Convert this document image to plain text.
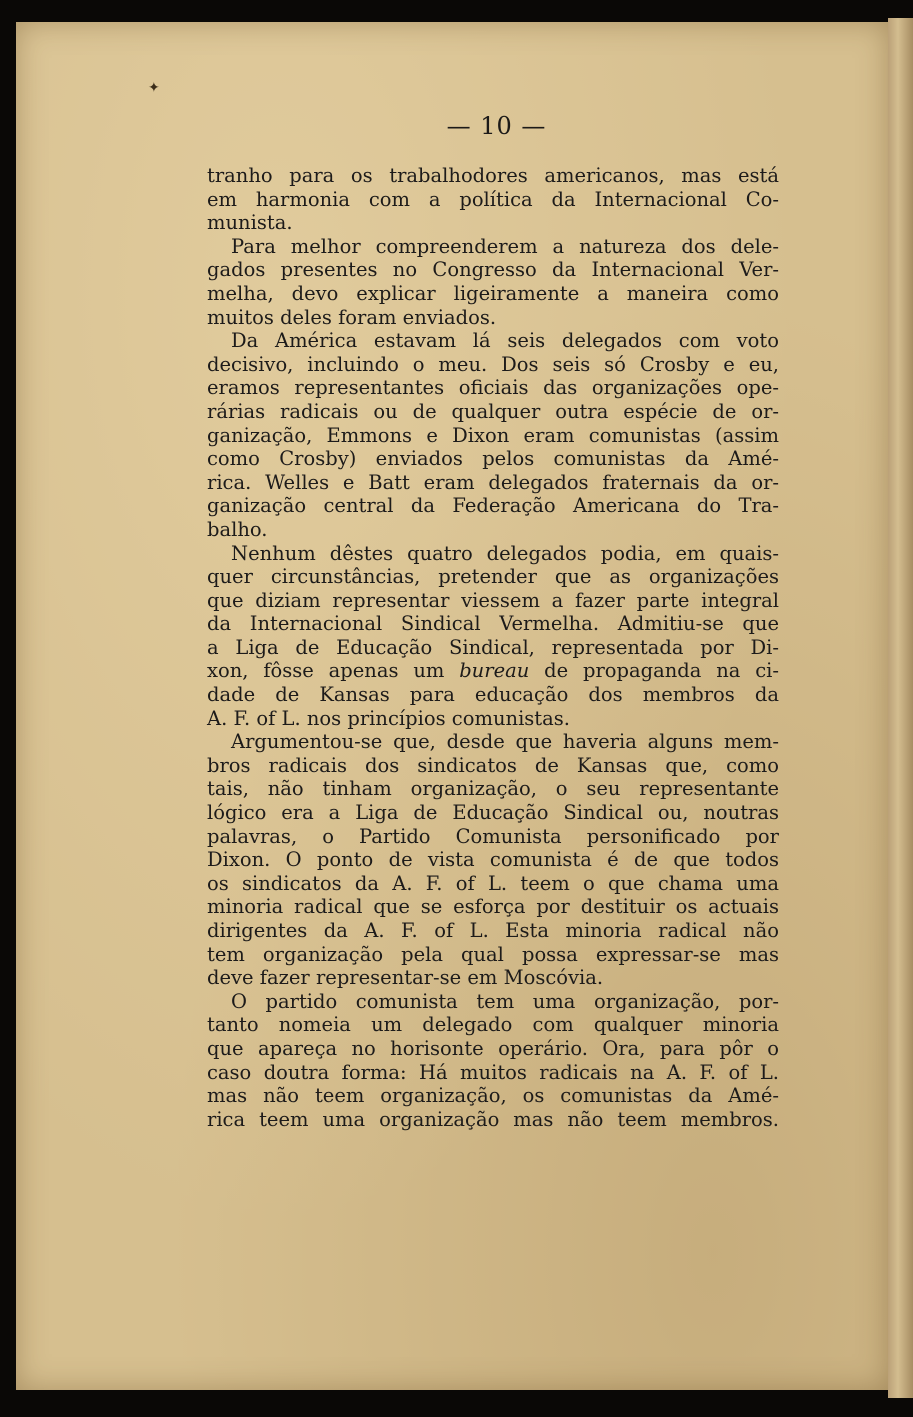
✦
— 10 —
tranho para os trabalhodores americanos, mas está
em harmonia com a política da Internacional Co-
munista.
Para melhor compreenderem a natureza dos dele-
gados presentes no Congresso da Internacional Ver-
melha, devo explicar ligeiramente a maneira como
muitos deles foram enviados.
Da América estavam lá seis delegados com voto
decisivo, incluindo o meu. Dos seis só Crosby e eu,
eramos representantes oficiais das organizações ope-
rárias radicais ou de qualquer outra espécie de or-
ganização, Emmons e Dixon eram comunistas (assim
como Crosby) enviados pelos comunistas da Amé-
rica. Welles e Batt eram delegados fraternais da or-
ganização central da Federação Americana do Tra-
balho.
Nenhum dêstes quatro delegados podia, em quais-
quer circunstâncias, pretender que as organizações
que diziam representar viessem a fazer parte integral
da Internacional Sindical Vermelha. Admitiu-se que
a Liga de Educação Sindical, representada por Di-
xon, fôsse apenas um bureau de propaganda na ci-
dade de Kansas para educação dos membros da
A. F. of L. nos princípios comunistas.
Argumentou-se que, desde que haveria alguns mem-
bros radicais dos sindicatos de Kansas que, como
tais, não tinham organização, o seu representante
lógico era a Liga de Educação Sindical ou, noutras
palavras, o Partido Comunista personificado por
Dixon. O ponto de vista comunista é de que todos
os sindicatos da A. F. of L. teem o que chama uma
minoria radical que se esforça por destituir os actuais
dirigentes da A. F. of L. Esta minoria radical não
tem organização pela qual possa expressar-se mas
deve fazer representar-se em Moscóvia.
O partido comunista tem uma organização, por-
tanto nomeia um delegado com qualquer minoria
que apareça no horisonte operário. Ora, para pôr o
caso doutra forma: Há muitos radicais na A. F. of L.
mas não teem organização, os comunistas da Amé-
rica teem uma organização mas não teem membros.
